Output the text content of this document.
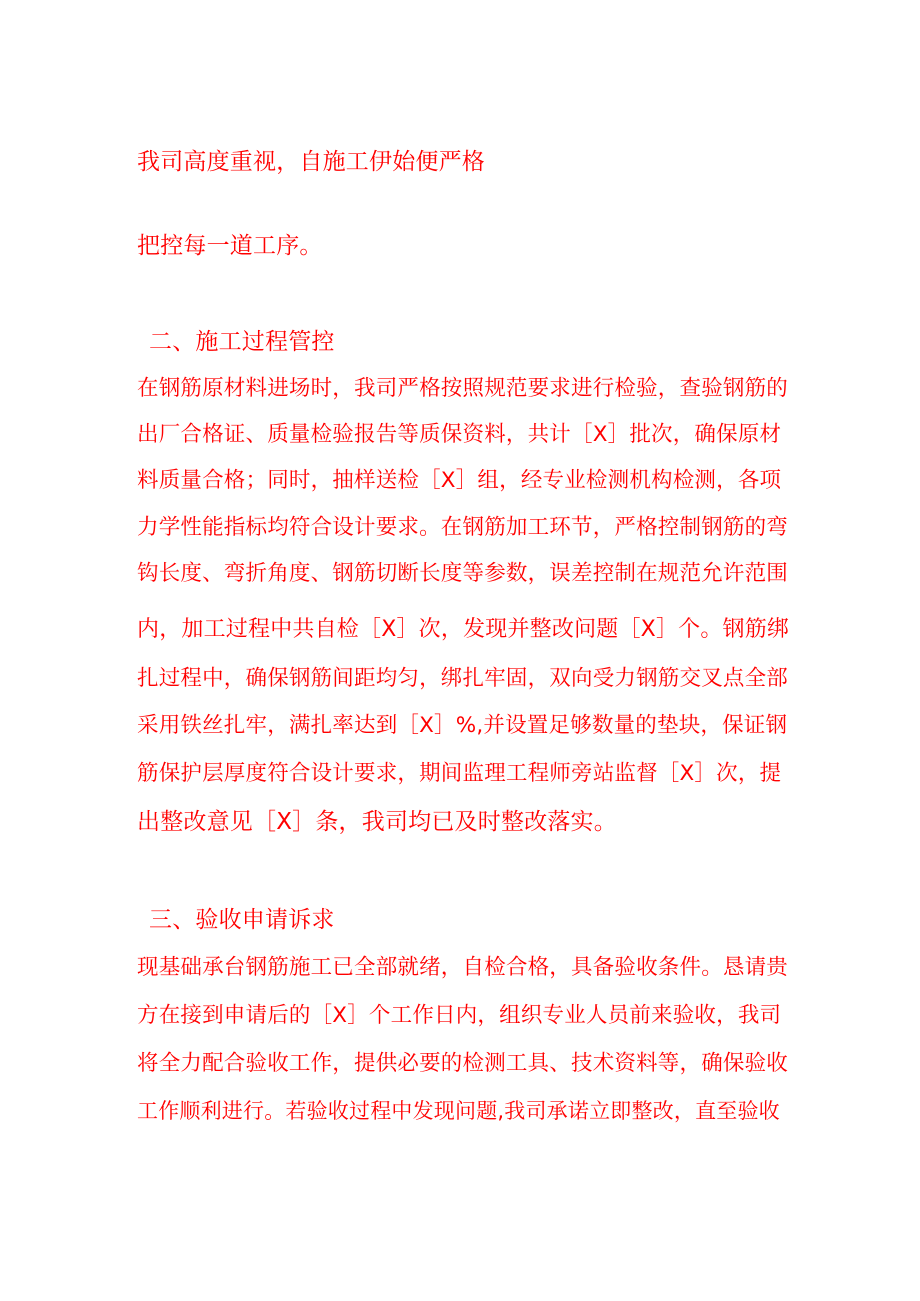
我司高度重视，自施工伊始便严格
把控每一道工序。
二、施工过程管控
在钢筋原材料进场时，我司严格按照规范要求进行检验，查验钢筋的
出厂合格证、质量检验报告等质保资料，共计［X］批次，确保原材
料质量合格；同时，抽样送检［X］组，经专业检测机构检测，各项
力学性能指标均符合设计要求。在钢筋加工环节，严格控制钢筋的弯
钩长度、弯折角度、钢筋切断长度等参数，误差控制在规范允许范围
内，加工过程中共自检［X］次，发现并整改问题［X］个。钢筋绑
扎过程中，确保钢筋间距均匀，绑扎牢固，双向受力钢筋交叉点全部
采用铁丝扎牢，满扎率达到［X］%,并设置足够数量的垫块，保证钢
筋保护层厚度符合设计要求，期间监理工程师旁站监督［X］次，提
出整改意见［X］条，我司均已及时整改落实。
三、验收申请诉求
现基础承台钢筋施工已全部就绪，自检合格，具备验收条件。恳请贵
方在接到申请后的［X］个工作日内，组织专业人员前来验收，我司
将全力配合验收工作，提供必要的检测工具、技术资料等，确保验收
工作顺利进行。若验收过程中发现问题,我司承诺立即整改，直至验收
